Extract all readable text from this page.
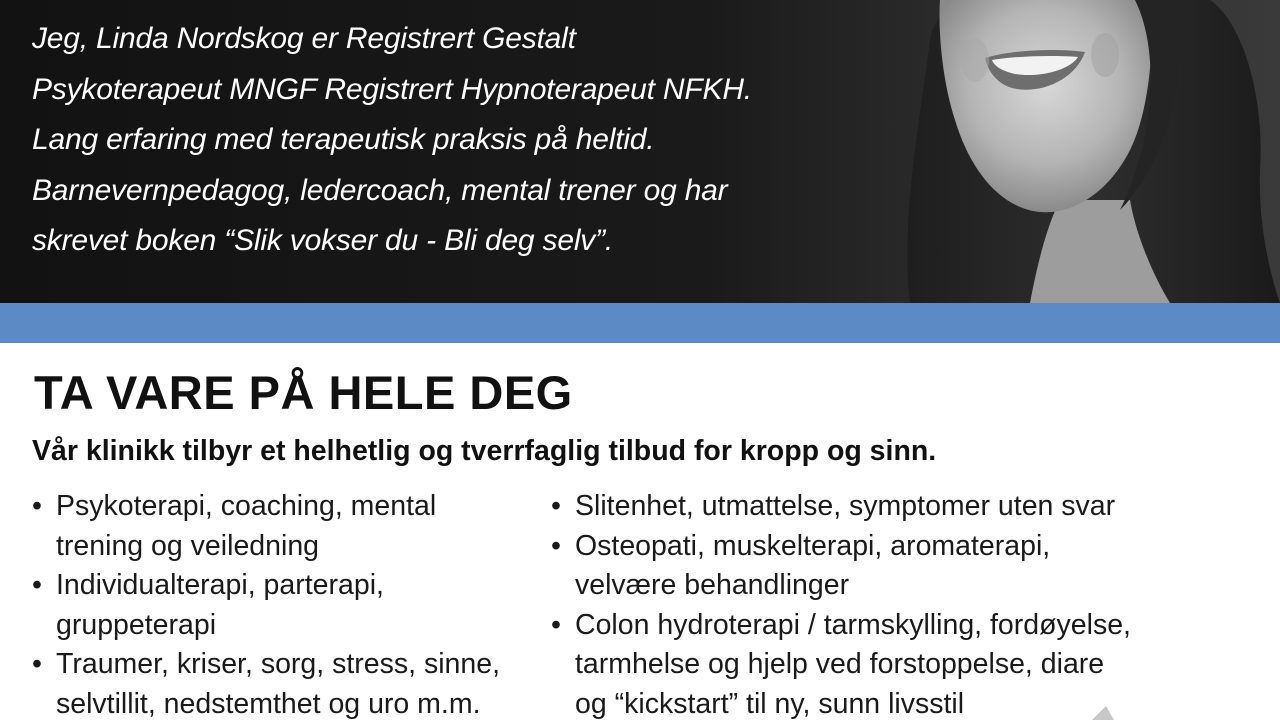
Jeg, Linda Nordskog er Registrert Gestalt
Psykoterapeut MNGF Registrert Hypnoterapeut NFKH.
Lang erfaring med terapeutisk praksis på heltid.
Barnevernpedagog, ledercoach, mental trener og har
skrevet boken “Slik vokser du - Bli deg selv”.
TA VARE PÅ HELE DEG
Vår klinikk tilbyr et helhetlig og tverrfaglig tilbud for kropp og sinn.
• Psykoterapi, coaching, mental
trening og veiledning
• Individualterapi, parterapi,
gruppeterapi
• Traumer, kriser, sorg, stress, sinne,
selvtillit, nedstemthet og uro m.m.
• Slitenhet, utmattelse, symptomer uten svar
• Osteopati, muskelterapi, aromaterapi,
velvære behandlinger
• Colon hydroterapi / tarmskylling, fordøyelse,
tarmhelse og hjelp ved forstoppelse, diare
og “kickstart” til ny, sunn livsstil
